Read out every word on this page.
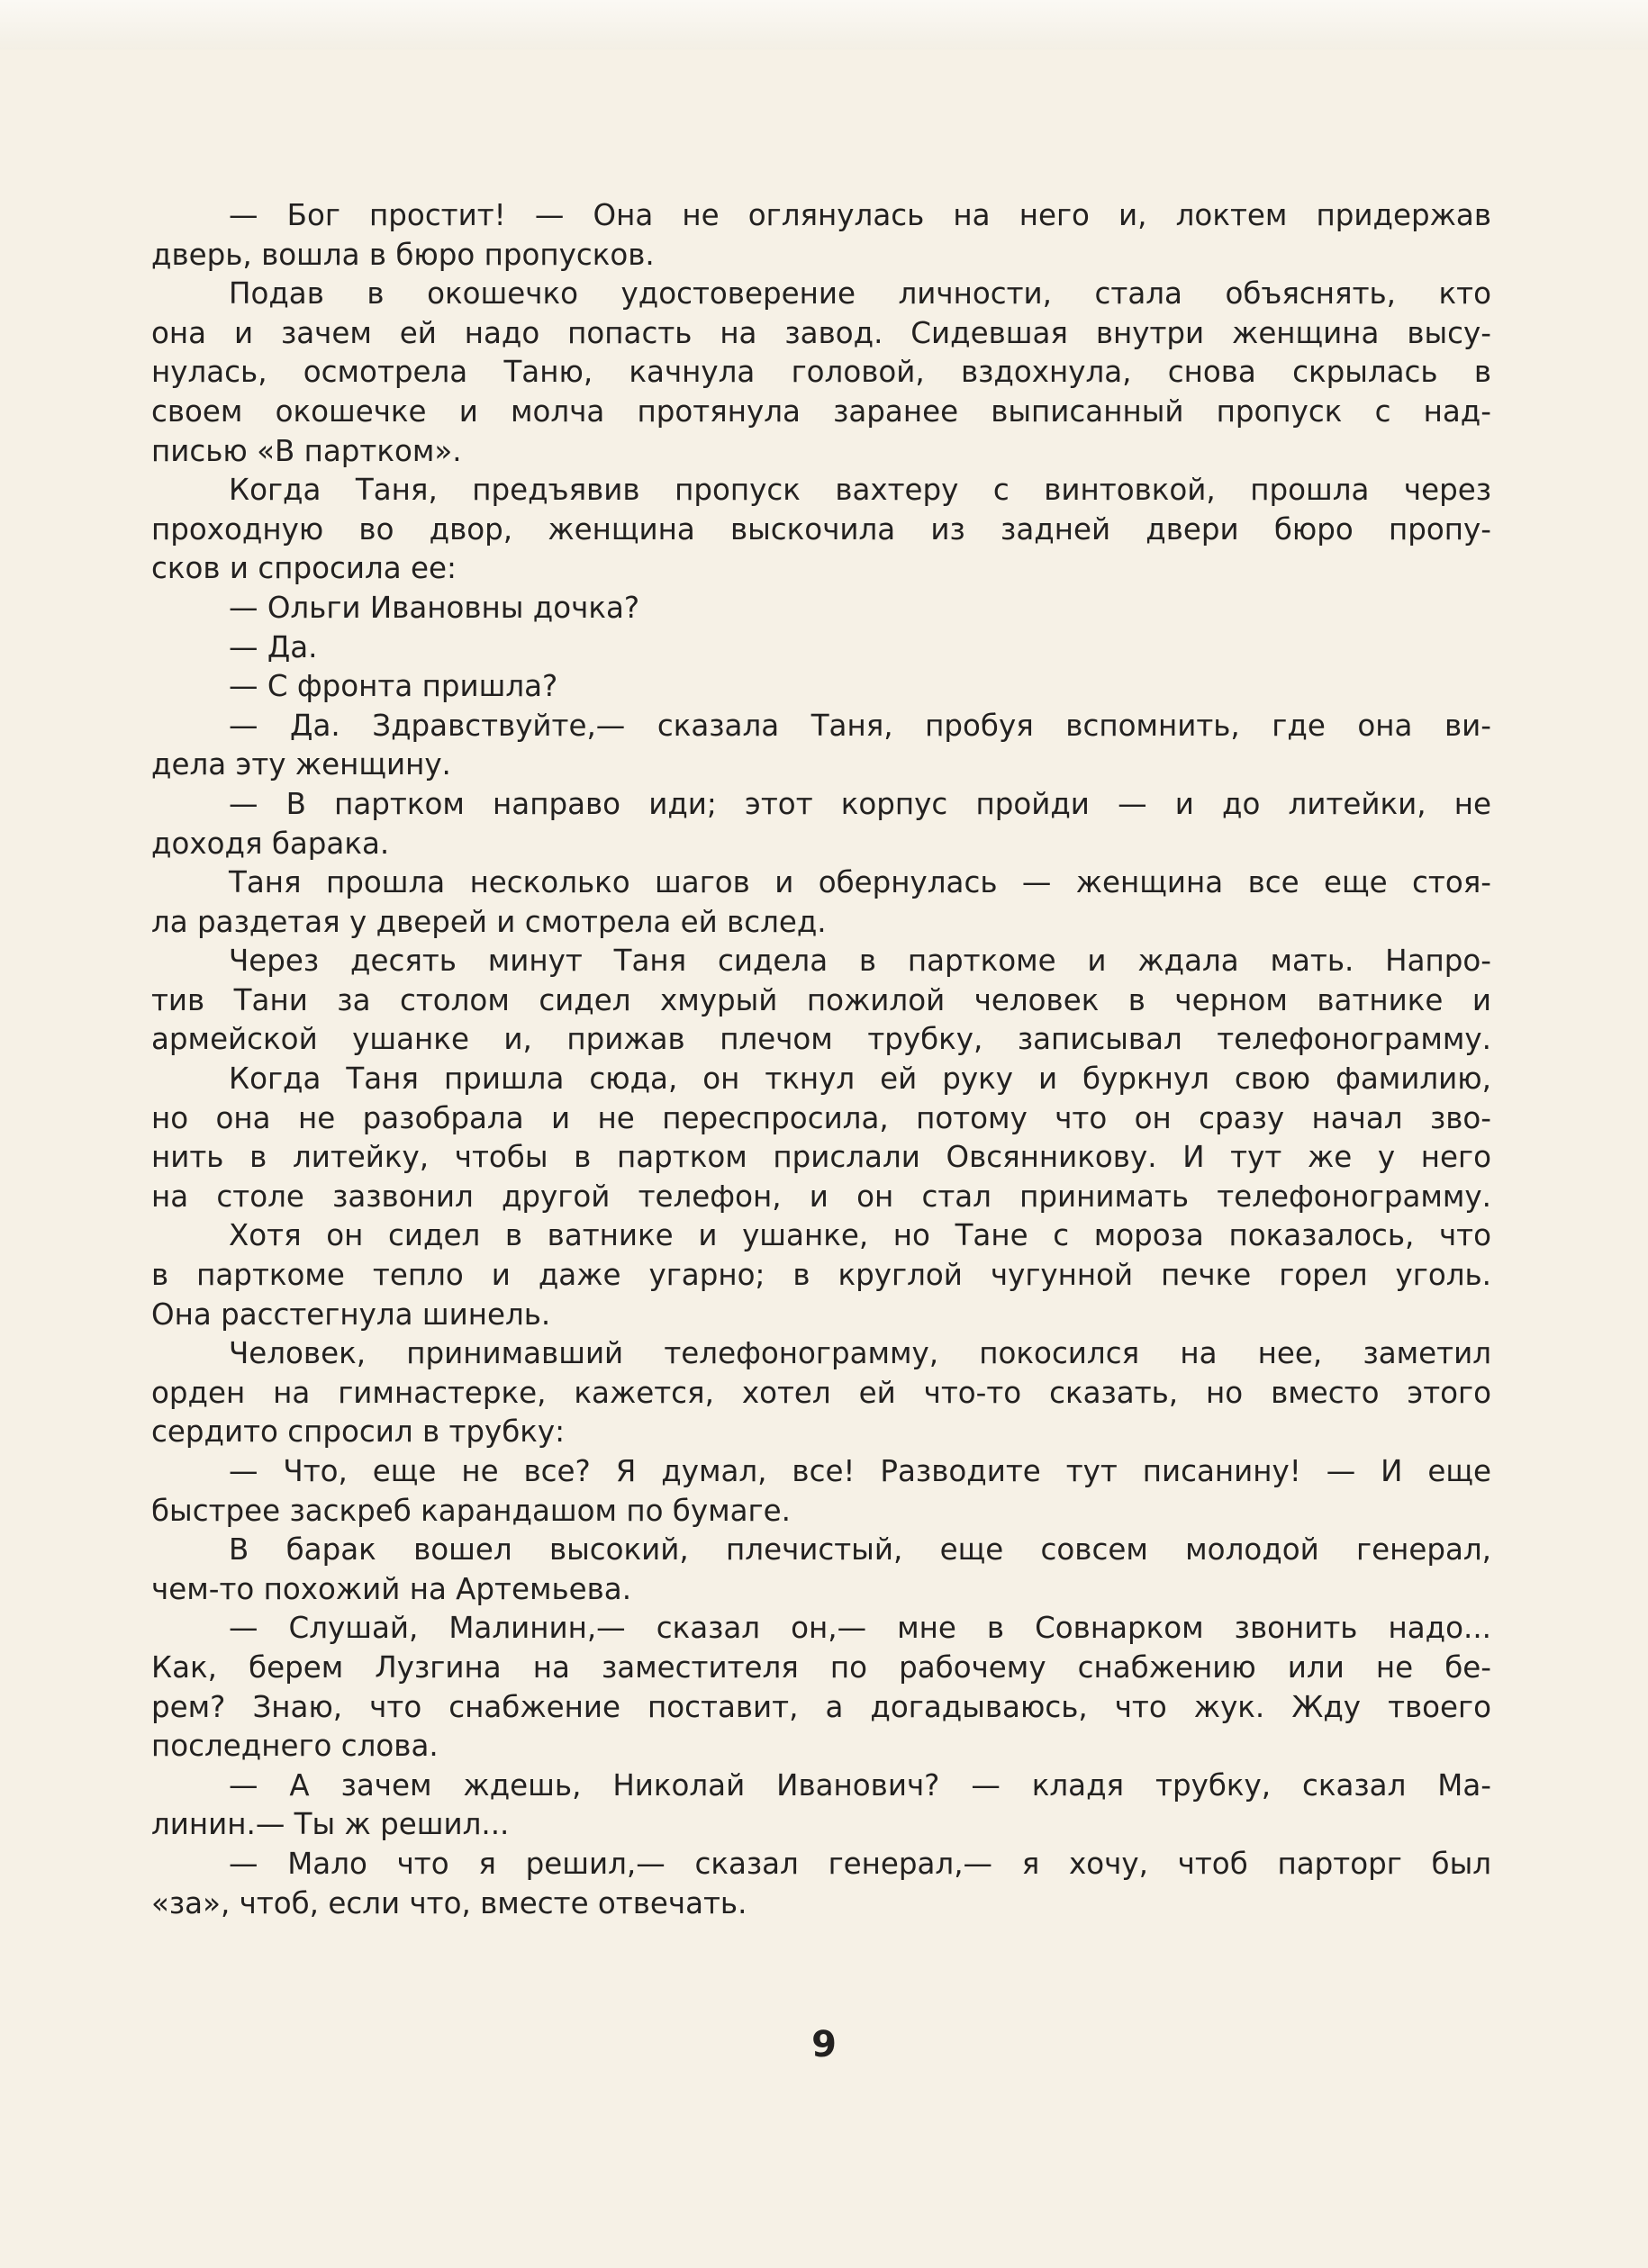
— Бог простит! — Она не оглянулась на него и, локтем придержав
дверь, вошла в бюро пропусков.
Подав в окошечко удостоверение личности, стала объяснять, кто
она и зачем ей надо попасть на завод. Сидевшая внутри женщина высу-
нулась, осмотрела Таню, качнула головой, вздохнула, снова скрылась в
своем окошечке и молча протянула заранее выписанный пропуск с над-
писью «В партком».
Когда Таня, предъявив пропуск вахтеру с винтовкой, прошла через
проходную во двор, женщина выскочила из задней двери бюро пропу-
сков и спросила ее:
— Ольги Ивановны дочка?
— Да.
— С фронта пришла?
— Да. Здравствуйте,— сказала Таня, пробуя вспомнить, где она ви-
дела эту женщину.
— В партком направо иди; этот корпус пройди — и до литейки, не
доходя барака.
Таня прошла несколько шагов и обернулась — женщина все еще стоя-
ла раздетая у дверей и смотрела ей вслед.
Через десять минут Таня сидела в парткоме и ждала мать. Напро-
тив Тани за столом сидел хмурый пожилой человек в черном ватнике и
армейской ушанке и, прижав плечом трубку, записывал телефонограмму.
Когда Таня пришла сюда, он ткнул ей руку и буркнул свою фамилию,
но она не разобрала и не переспросила, потому что он сразу начал зво-
нить в литейку, чтобы в партком прислали Овсянникову. И тут же у него
на столе зазвонил другой телефон, и он стал принимать телефонограмму.
Хотя он сидел в ватнике и ушанке, но Тане с мороза показалось, что
в парткоме тепло и даже угарно; в круглой чугунной печке горел уголь.
Она расстегнула шинель.
Человек, принимавший телефонограмму, покосился на нее, заметил
орден на гимнастерке, кажется, хотел ей что-то сказать, но вместо этого
сердито спросил в трубку:
— Что, еще не все? Я думал, все! Разводите тут писанину! — И еще
быстрее заскреб карандашом по бумаге.
В барак вошел высокий, плечистый, еще совсем молодой генерал,
чем-то похожий на Артемьева.
— Слушай, Малинин,— сказал он,— мне в Совнарком звонить надо...
Как, берем Лузгина на заместителя по рабочему снабжению или не бе-
рем? Знаю, что снабжение поставит, а догадываюсь, что жук. Жду твоего
последнего слова.
— А зачем ждешь, Николай Иванович? — кладя трубку, сказал Ма-
линин.— Ты ж решил...
— Мало что я решил,— сказал генерал,— я хочу, чтоб парторг был
«за», чтоб, если что, вместе отвечать.
9
